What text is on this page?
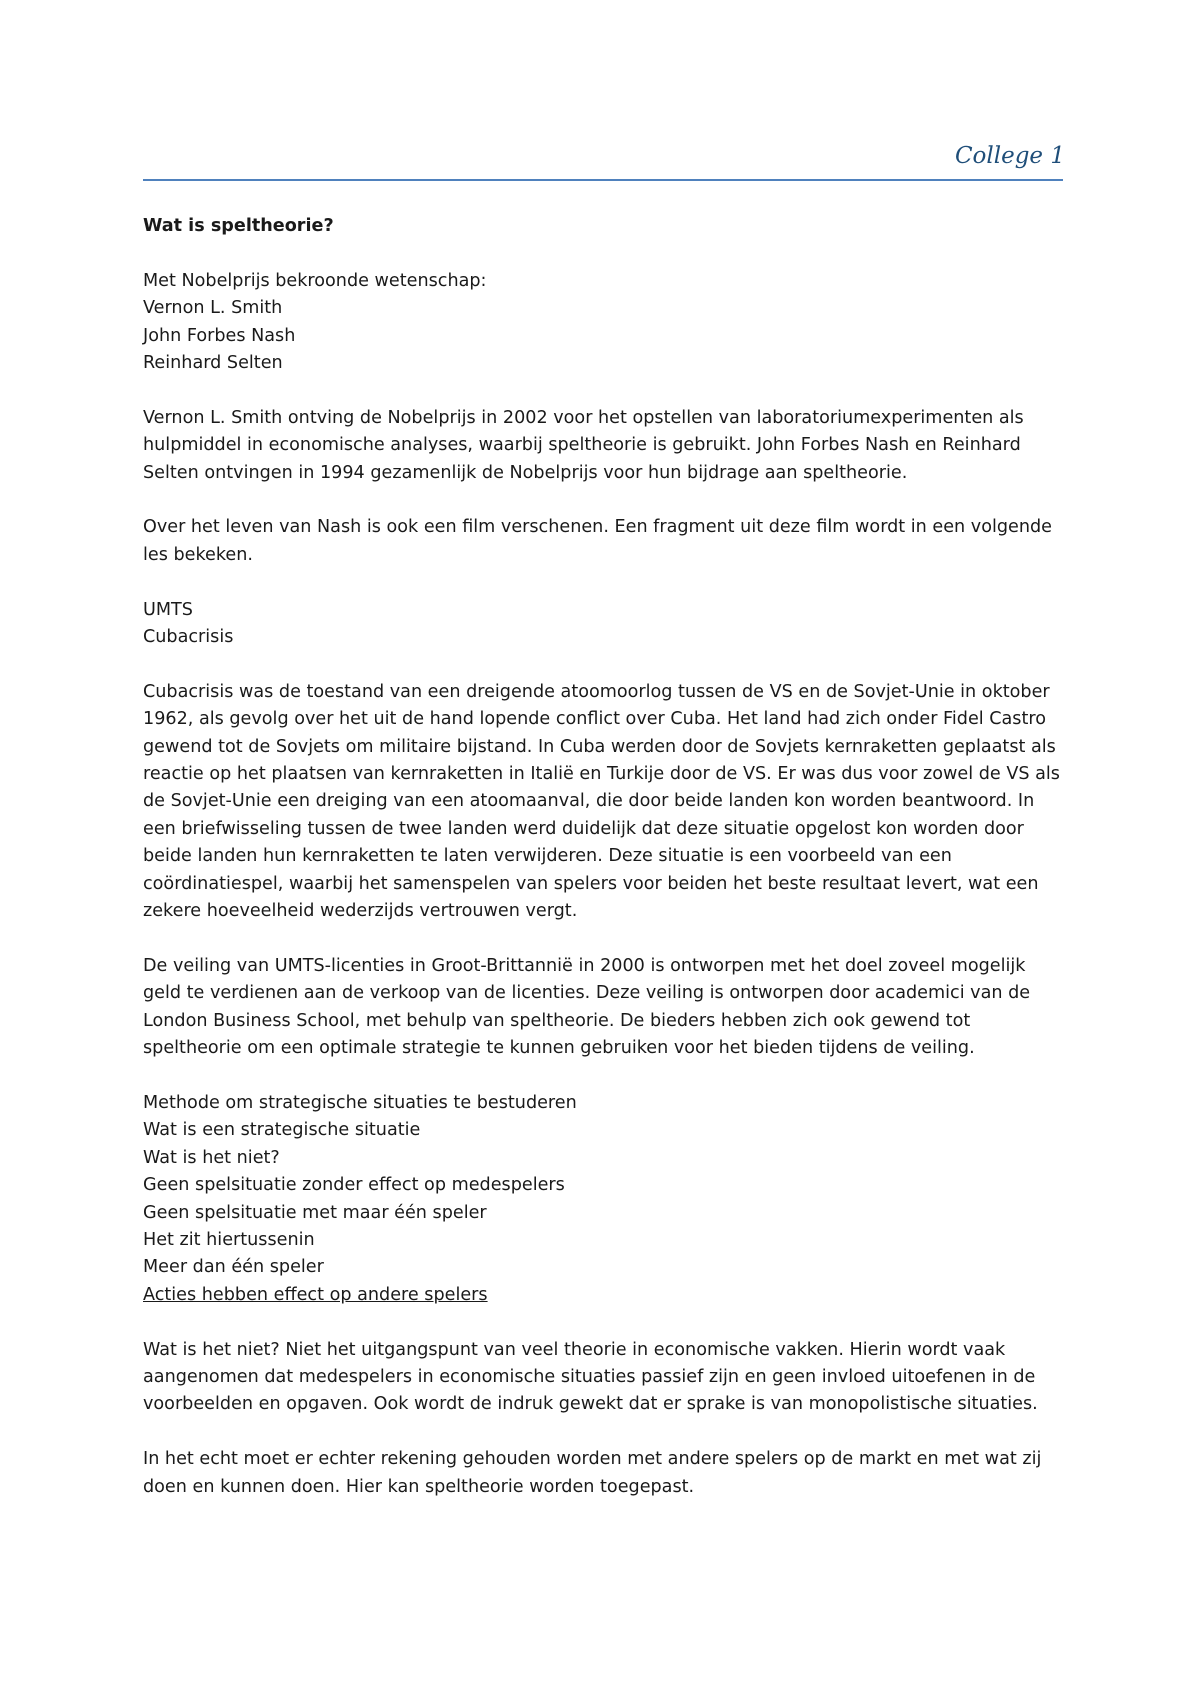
College 1

Wat is speltheorie?

Met Nobelprijs bekroonde wetenschap:

Vernon L. Smith

John Forbes Nash

Reinhard Selten

Vernon L. Smith ontving de Nobelprijs in 2002 voor het opstellen van laboratoriumexperimenten als hulpmiddel in economische analyses, waarbij speltheorie is gebruikt. John Forbes Nash en Reinhard Selten ontvingen in 1994 gezamenlijk de Nobelprijs voor hun bijdrage aan speltheorie.

Over het leven van Nash is ook een film verschenen. Een fragment uit deze film wordt in een volgende les bekeken.

UMTS

Cubacrisis

Cubacrisis was de toestand van een dreigende atoomoorlog tussen de VS en de Sovjet-Unie in oktober 1962, als gevolg over het uit de hand lopende conflict over Cuba. Het land had zich onder Fidel Castro gewend tot de Sovjets om militaire bijstand. In Cuba werden door de Sovjets kernraketten geplaatst als reactie op het plaatsen van kernraketten in Italië en Turkije door de VS. Er was dus voor zowel de VS als de Sovjet-Unie een dreiging van een atoomaanval, die door beide landen kon worden beantwoord. In een briefwisseling tussen de twee landen werd duidelijk dat deze situatie opgelost kon worden door beide landen hun kernraketten te laten verwijderen. Deze situatie is een voorbeeld van een coördinatiespel, waarbij het samenspelen van spelers voor beiden het beste resultaat levert, wat een zekere hoeveelheid wederzijds vertrouwen vergt.

De veiling van UMTS-licenties in Groot-Brittannië in 2000 is ontworpen met het doel zoveel mogelijk geld te verdienen aan de verkoop van de licenties. Deze veiling is ontworpen door academici van de London Business School, met behulp van speltheorie. De bieders hebben zich ook gewend tot speltheorie om een optimale strategie te kunnen gebruiken voor het bieden tijdens de veiling.

Methode om strategische situaties te bestuderen

Wat is een strategische situatie

Wat is het niet?

Geen spelsituatie zonder effect op medespelers

Geen spelsituatie met maar één speler

Het zit hiertussenin

Meer dan één speler

Acties hebben effect op andere spelers

Wat is het niet? Niet het uitgangspunt van veel theorie in economische vakken. Hierin wordt vaak aangenomen dat medespelers in economische situaties passief zijn en geen invloed uitoefenen in de voorbeelden en opgaven. Ook wordt de indruk gewekt dat er sprake is van monopolistische situaties.

In het echt moet er echter rekening gehouden worden met andere spelers op de markt en met wat zij doen en kunnen doen. Hier kan speltheorie worden toegepast.
